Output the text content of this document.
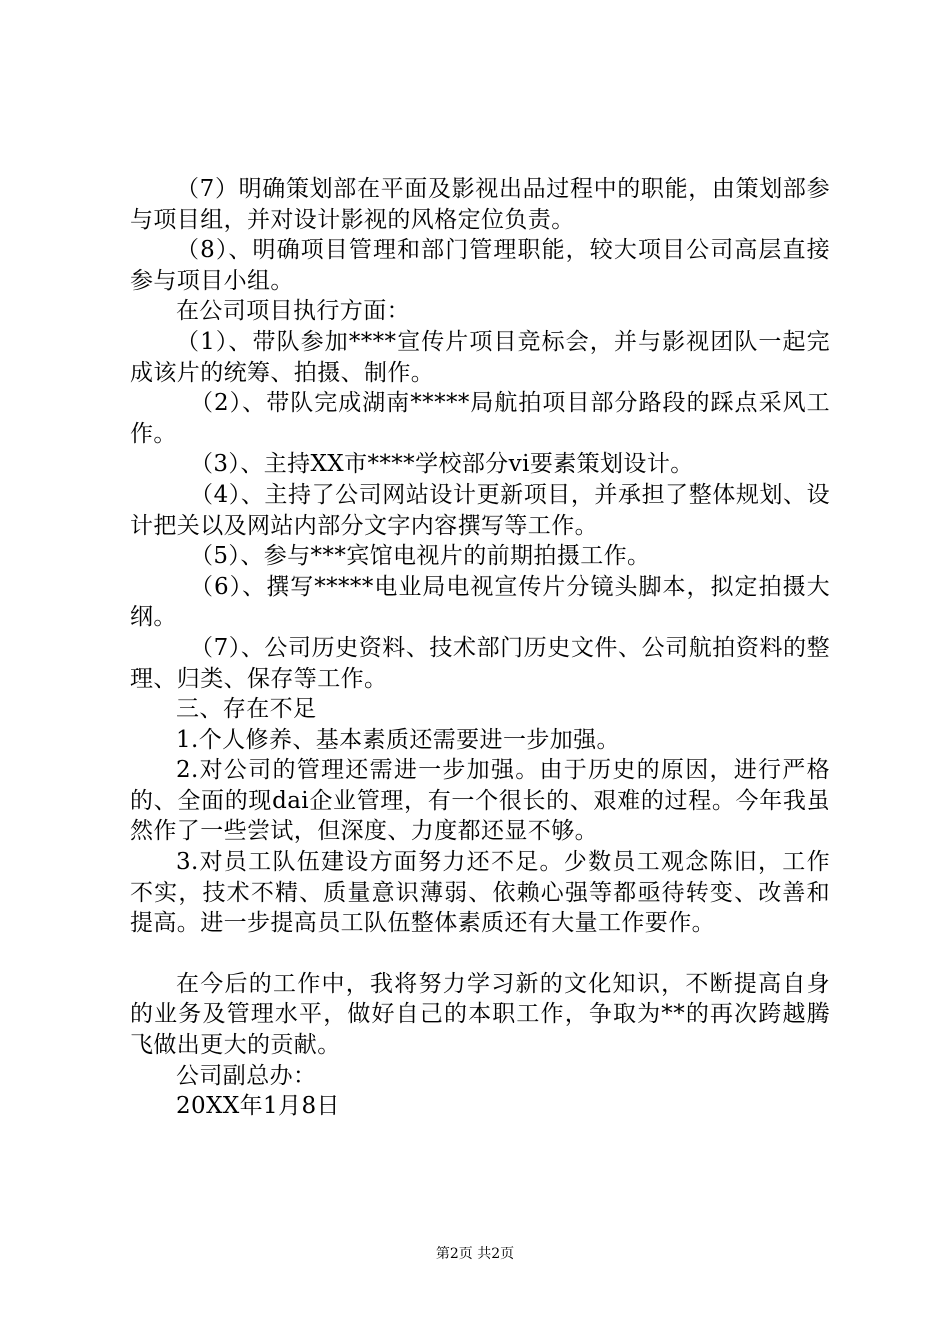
（7）明确策划部在平面及影视出品过程中的职能，由策划部参与项目组，并对设计影视的风格定位负责。

（8）、明确项目管理和部门管理职能，较大项目公司高层直接参与项目小组。

在公司项目执行方面：

（1）、带队参加****宣传片项目竞标会，并与影视团队一起完成该片的统筹、拍摄、制作。

（2）、带队完成湖南*****局航拍项目部分路段的踩点采风工作。

（3）、主持XX市****学校部分vi要素策划设计。

（4）、主持了公司网站设计更新项目，并承担了整体规划、设计把关以及网站内部分文字内容撰写等工作。

（5）、参与***宾馆电视片的前期拍摄工作。

（6）、撰写*****电业局电视宣传片分镜头脚本，拟定拍摄大纲。

（7）、公司历史资料、技术部门历史文件、公司航拍资料的整理、归类、保存等工作。

三、存在不足

1.个人修养、基本素质还需要进一步加强。

2.对公司的管理还需进一步加强。由于历史的原因，进行严格的、全面的现dai企业管理，有一个很长的、艰难的过程。今年我虽然作了一些尝试，但深度、力度都还显不够。

3.对员工队伍建设方面努力还不足。少数员工观念陈旧，工作不实，技术不精、质量意识薄弱、依赖心强等都亟待转变、改善和提高。进一步提高员工队伍整体素质还有大量工作要作。

在今后的工作中，我将努力学习新的文化知识，不断提高自身的业务及管理水平，做好自己的本职工作，争取为**的再次跨越腾飞做出更大的贡献。

公司副总办：

20XX年1月8日

第2页 共2页
